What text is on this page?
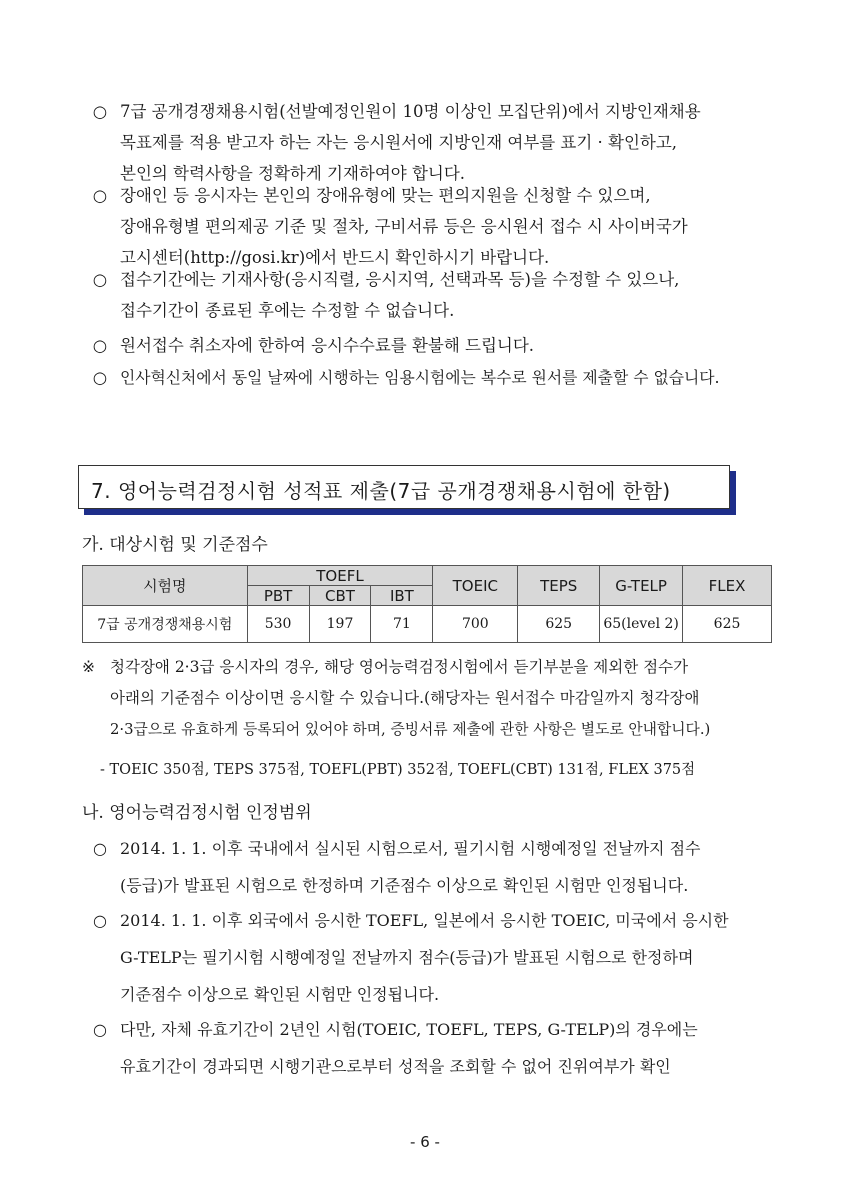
○ 7급 공개경쟁채용시험(선발예정인원이 10명 이상인 모집단위)에서 지방인재채용
목표제를 적용 받고자 하는 자는 응시원서에 지방인재 여부를 표기 · 확인하고,
본인의 학력사항을 정확하게 기재하여야 합니다.
○ 장애인 등 응시자는 본인의 장애유형에 맞는 편의지원을 신청할 수 있으며,
장애유형별 편의제공 기준 및 절차, 구비서류 등은 응시원서 접수 시 사이버국가
고시센터(http://gosi.kr)에서 반드시 확인하시기 바랍니다.
○ 접수기간에는 기재사항(응시직렬, 응시지역, 선택과목 등)을 수정할 수 있으나,
접수기간이 종료된 후에는 수정할 수 없습니다.
○ 원서접수 취소자에 한하여 응시수수료를 환불해 드립니다.
○ 인사혁신처에서 동일 날짜에 시행하는 임용시험에는 복수로 원서를 제출할 수 없습니다.
7. 영어능력검정시험 성적표 제출(7급 공개경쟁채용시험에 한함)
가. 대상시험 및 기준점수
시험명	TOEFL			TOEIC	TEPS	G-TELP	FLEX
	PBT	CBT	IBT				
7급 공개경쟁채용시험	530	197	71	700	625	65(level 2)	625
※ 청각장애 2·3급 응시자의 경우, 해당 영어능력검정시험에서 듣기부분을 제외한 점수가
아래의 기준점수 이상이면 응시할 수 있습니다.(해당자는 원서접수 마감일까지 청각장애
2·3급으로 유효하게 등록되어 있어야 하며, 증빙서류 제출에 관한 사항은 별도로 안내합니다.)
- TOEIC 350점, TEPS 375점, TOEFL(PBT) 352점, TOEFL(CBT) 131점, FLEX 375점
나. 영어능력검정시험 인정범위
○ 2014. 1. 1. 이후 국내에서 실시된 시험으로서, 필기시험 시행예정일 전날까지 점수
(등급)가 발표된 시험으로 한정하며 기준점수 이상으로 확인된 시험만 인정됩니다.
○ 2014. 1. 1. 이후 외국에서 응시한 TOEFL, 일본에서 응시한 TOEIC, 미국에서 응시한
G-TELP는 필기시험 시행예정일 전날까지 점수(등급)가 발표된 시험으로 한정하며
기준점수 이상으로 확인된 시험만 인정됩니다.
○ 다만, 자체 유효기간이 2년인 시험(TOEIC, TOEFL, TEPS, G-TELP)의 경우에는
유효기간이 경과되면 시행기관으로부터 성적을 조회할 수 없어 진위여부가 확인
- 6 -
